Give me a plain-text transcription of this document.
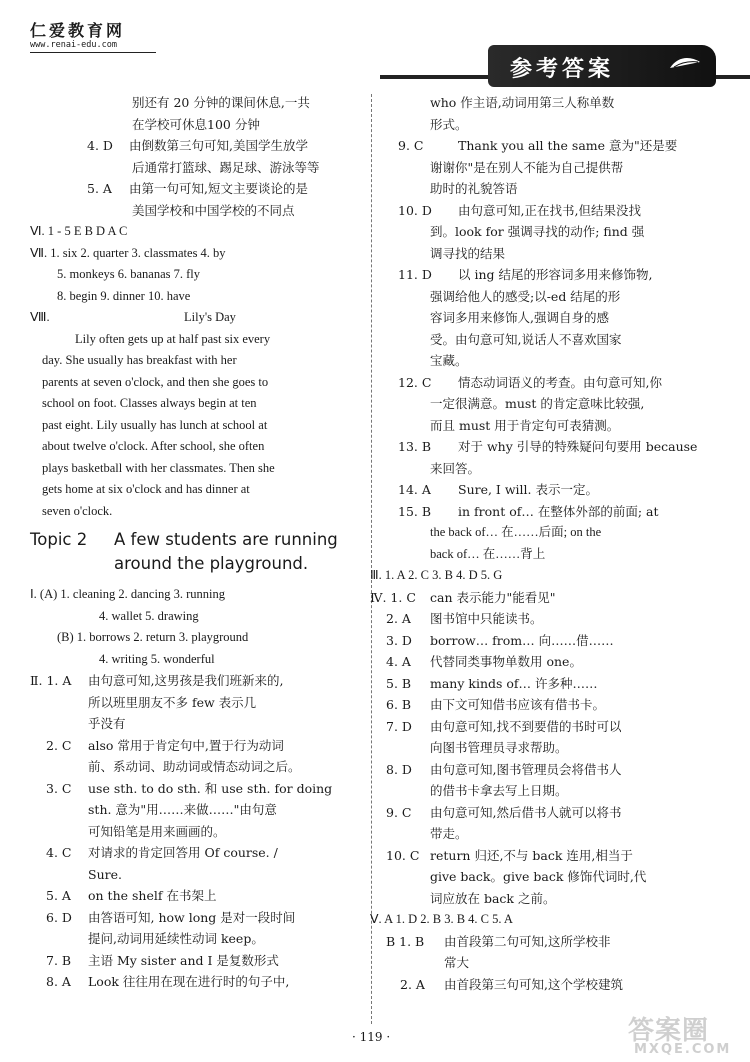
仁爱教育网
www.renai-edu.com
参考答案
别还有 20 分钟的课间休息,一共
在学校可休息100 分钟
4. D	由倒数第三句可知,美国学生放学
后通常打篮球、踢足球、游泳等等
5. A	由第一句可知,短文主要谈论的是
美国学校和中国学校的不同点
Ⅵ. 1 - 5 E B D A C
Ⅶ. 1. six 2. quarter 3. classmates 4. by
5. monkeys 6. bananas 7. fly
8. begin 9. dinner 10. have
Ⅷ.	Lily's Day
Lily often gets up at half past six every
day. She usually has breakfast with her
parents at seven o'clock, and then she goes to
school on foot. Classes always begin at ten
past eight. Lily usually has lunch at school at
about twelve o'clock. After school, she often
plays basketball with her classmates. Then she
gets home at six o'clock and has dinner at
seven o'clock.
Topic 2 A few students are running
around the playground.
Ⅰ. (A) 1. cleaning 2. dancing 3. running
4. wallet 5. drawing
(B) 1. borrows 2. return 3. playground
4. writing 5. wonderful
Ⅱ. 1. A	由句意可知,这男孩是我们班新来的,
所以班里朋友不多 few 表示几
乎没有
2. C	also 常用于肯定句中,置于行为动词
前、系动词、助动词或情态动词之后。
3. C	use sth. to do sth. 和 use sth. for doing
sth. 意为"用……来做……"由句意
可知铅笔是用来画画的。
4. C	对请求的肯定回答用 Of course. /
Sure.
5. A	on the shelf 在书架上
6. D	由答语可知, how long 是对一段时间
提问,动词用延续性动词 keep。
7. B	主语 My sister and I 是复数形式
8. A	Look 往往用在现在进行时的句子中,
who 作主语,动词用第三人称单数
形式。
9. C	Thank you all the same 意为"还是要
谢谢你"是在别人不能为自己提供帮
助时的礼貌答语
10. D	由句意可知,正在找书,但结果没找
到。look for 强调寻找的动作; find 强
调寻找的结果
11. D	以 ing 结尾的形容词多用来修饰物,
强调给他人的感受;以-ed 结尾的形
容词多用来修饰人,强调自身的感
受。由句意可知,说话人不喜欢国家
宝藏。
12. C	情态动词语义的考查。由句意可知,你
一定很满意。must 的肯定意味比较强,
而且 must 用于肯定句可表猜测。
13. B	对于 why 引导的特殊疑问句要用 because
来回答。
14. A	Sure, I will. 表示一定。
15. B	in front of… 在整体外部的前面; at
the back of… 在……后面; on the
back of… 在……背上
Ⅲ. 1. A 2. C 3. B 4. D 5. G
Ⅳ. 1. C	can 表示能力"能看见"
2. A	图书馆中只能读书。
3. D	borrow… from… 向……借……
4. A	代替同类事物单数用 one。
5. B	many kinds of… 许多种……
6. B	由下文可知借书应该有借书卡。
7. D	由句意可知,找不到要借的书时可以
向图书管理员寻求帮助。
8. D	由句意可知,图书管理员会将借书人
的借书卡拿去写上日期。
9. C	由句意可知,然后借书人就可以将书
带走。
10. C return 归还,不与 back 连用,相当于
give back。give back 修饰代词时,代
词应放在 back 之前。
Ⅴ. A 1. D 2. B 3. B 4. C 5. A
B 1. B	由首段第二句可知,这所学校非
常大
2. A	由首段第三句可知,这个学校建筑
· 119 ·	答案圈
MXQE.COM
